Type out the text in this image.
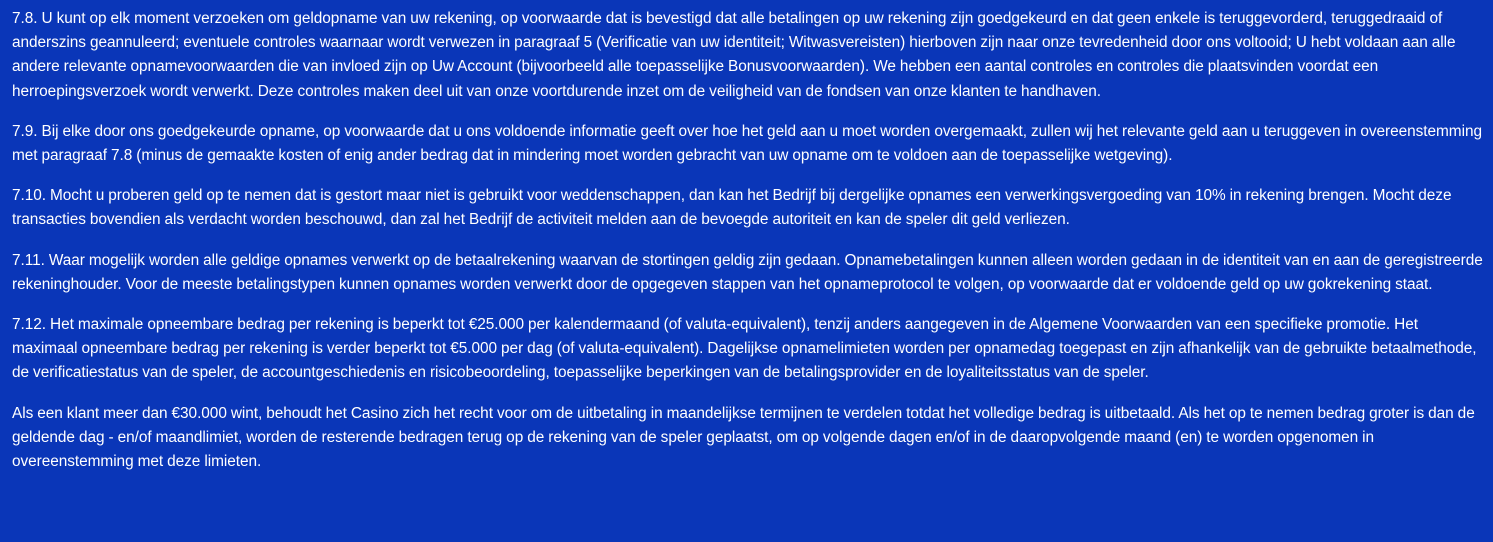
7.8. U kunt op elk moment verzoeken om geldopname van uw rekening, op voorwaarde dat is bevestigd dat alle betalingen op uw rekening zijn goedgekeurd en dat geen enkele is teruggevorderd, teruggedraaid of anderszins geannuleerd; eventuele controles waarnaar wordt verwezen in paragraaf 5 (Verificatie van uw identiteit; Witwasvereisten) hierboven zijn naar onze tevredenheid door ons voltooid; U hebt voldaan aan alle andere relevante opnamevoorwaarden die van invloed zijn op Uw Account (bijvoorbeeld alle toepasselijke Bonusvoorwaarden). We hebben een aantal controles en controles die plaatsvinden voordat een herroepingsverzoek wordt verwerkt. Deze controles maken deel uit van onze voortdurende inzet om de veiligheid van de fondsen van onze klanten te handhaven.

7.9. Bij elke door ons goedgekeurde opname, op voorwaarde dat u ons voldoende informatie geeft over hoe het geld aan u moet worden overgemaakt, zullen wij het relevante geld aan u teruggeven in overeenstemming met paragraaf 7.8 (minus de gemaakte kosten of enig ander bedrag dat in mindering moet worden gebracht van uw opname om te voldoen aan de toepasselijke wetgeving).

7.10. Mocht u proberen geld op te nemen dat is gestort maar niet is gebruikt voor weddenschappen, dan kan het Bedrijf bij dergelijke opnames een verwerkingsvergoeding van 10% in rekening brengen. Mocht deze transacties bovendien als verdacht worden beschouwd, dan zal het Bedrijf de activiteit melden aan de bevoegde autoriteit en kan de speler dit geld verliezen.

7.11. Waar mogelijk worden alle geldige opnames verwerkt op de betaalrekening waarvan de stortingen geldig zijn gedaan. Opnamebetalingen kunnen alleen worden gedaan in de identiteit van en aan de geregistreerde rekeninghouder. Voor de meeste betalingstypen kunnen opnames worden verwerkt door de opgegeven stappen van het opnameprotocol te volgen, op voorwaarde dat er voldoende geld op uw gokrekening staat.

7.12. Het maximale opneembare bedrag per rekening is beperkt tot €25.000 per kalendermaand (of valuta-equivalent), tenzij anders aangegeven in de Algemene Voorwaarden van een specifieke promotie. Het maximaal opneembare bedrag per rekening is verder beperkt tot €5.000 per dag (of valuta-equivalent). Dagelijkse opnamelimieten worden per opnamedag toegepast en zijn afhankelijk van de gebruikte betaalmethode, de verificatiestatus van de speler, de accountgeschiedenis en risicobeoordeling, toepasselijke beperkingen van de betalingsprovider en de loyaliteitsstatus van de speler.

Als een klant meer dan €30.000 wint, behoudt het Casino zich het recht voor om de uitbetaling in maandelijkse termijnen te verdelen totdat het volledige bedrag is uitbetaald. Als het op te nemen bedrag groter is dan de geldende dag - en/of maandlimiet, worden de resterende bedragen terug op de rekening van de speler geplaatst, om op volgende dagen en/of in de daaropvolgende maand (en) te worden opgenomen in overeenstemming met deze limieten.
